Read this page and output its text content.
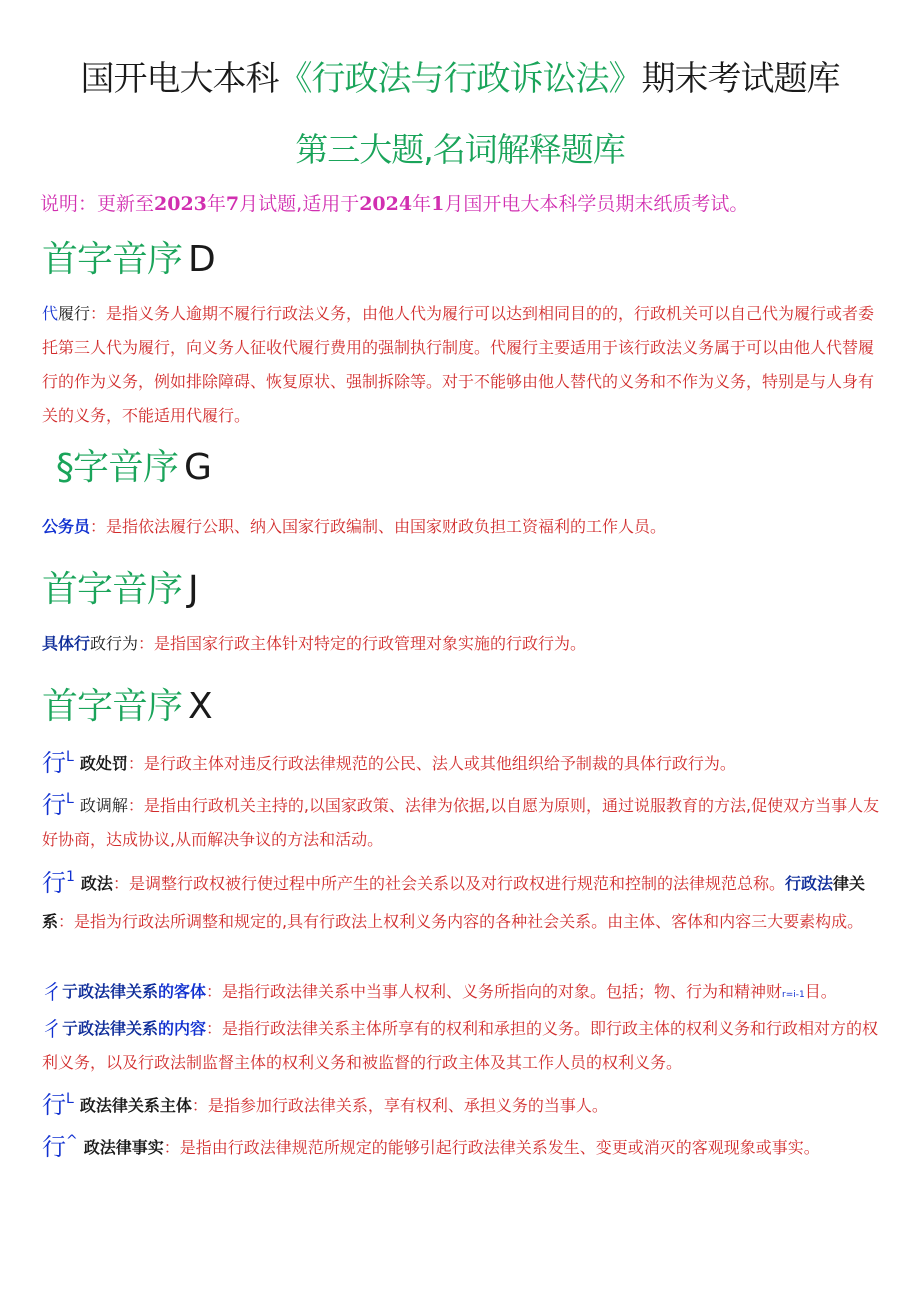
国开电大本科《行政法与行政诉讼法》期末考试题库
第三大题,名词解释题库
说明：更新至2023年7月试题,适用于2024年1月国开电大本科学员期末纸质考试。
首字音序 D
代履行：是指义务人逾期不履行行政法义务，由他人代为履行可以达到相同目的的，行政机关可以自己代为履行或者委托第三人代为履行，向义务人征收代履行费用的强制执行制度。代履行主要适用于该行政法义务属于可以由他人代替履行的作为义务，例如排除障碍、恢复原状、强制拆除等。对于不能够由他人替代的义务和不作为义务，特别是与人身有关的义务，不能适用代履行。
§字音序 G
公务员：是指依法履行公职、纳入国家行政编制、由国家财政负担工资福利的工作人员。
首字音序 J
具体行政行为：是指国家行政主体针对特定的行政管理对象实施的行政行为。
首字音序 X
行L 政处罚：是行政主体对违反行政法律规范的公民、法人或其他组织给予制裁的具体行政行为。
行L 政调解：是指由行政机关主持的,以国家政策、法律为依据,以自愿为原则，通过说服教育的方法,促使双方当事人友好协商，达成协议,从而解决争议的方法和活动。
行1 政法：是调整行政权被行使过程中所产生的社会关系以及对行政权进行规范和控制的法律规范总称。行政法律关系：是指为行政法所调整和规定的,具有行政法上权利义务内容的各种社会关系。由主体、客体和内容三大要素构成。
彳亍政法律关系的客体：是指行政法律关系中当事人权利、义务所指向的对象。包括；物、行为和精神财r=i-1目。
彳亍政法律关系的内容：是指行政法律关系主体所享有的权利和承担的义务。即行政主体的权利义务和行政相对方的权利义务，以及行政法制监督主体的权利义务和被监督的行政主体及其工作人员的权利义务。
行L 政法律关系主体：是指参加行政法律关系，享有权利、承担义务的当事人。
行^ 政法律事实：是指由行政法律规范所规定的能够引起行政法律关系发生、变更或消灭的客观现象或事实。
